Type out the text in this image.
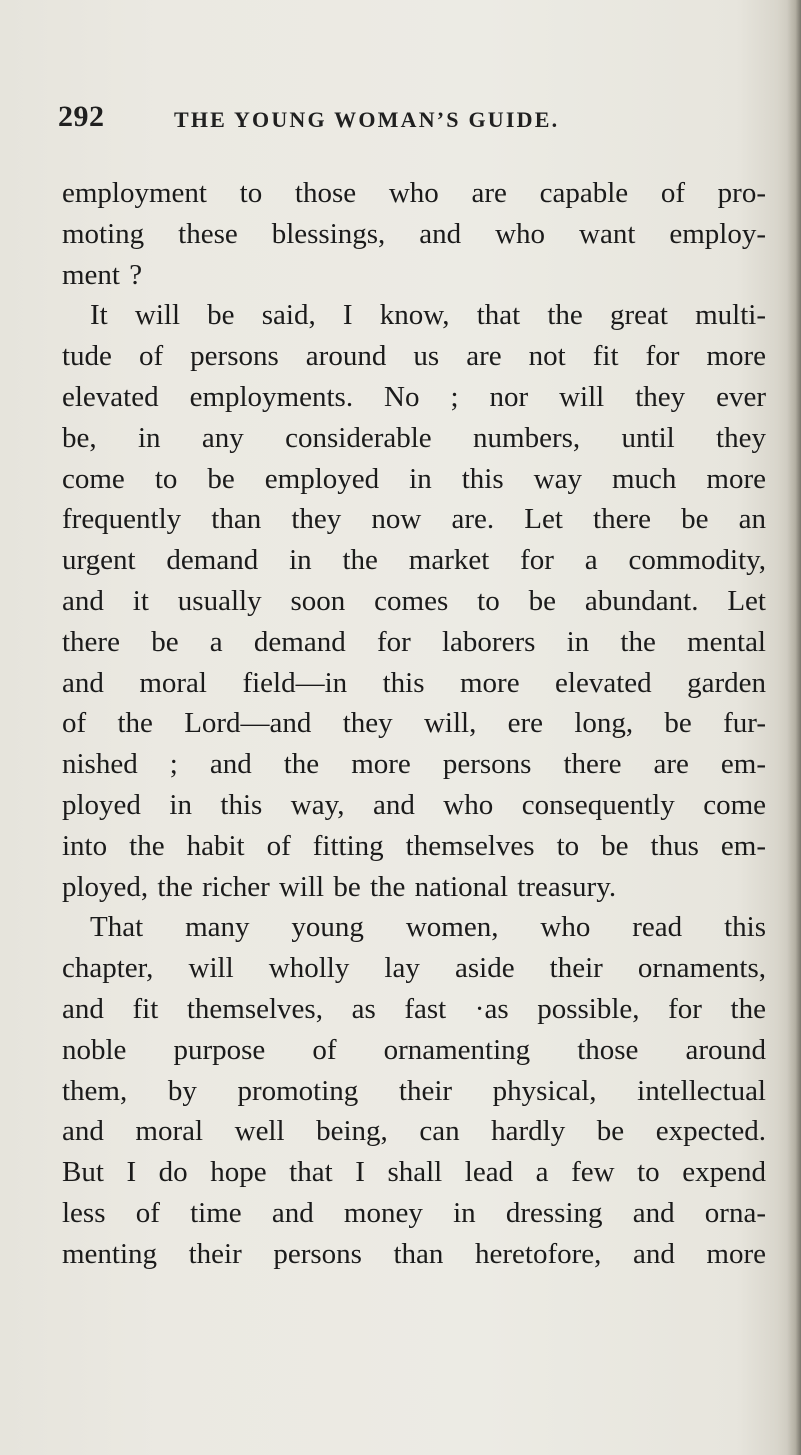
292	THE YOUNG WOMAN’S GUIDE.
employment to those who are capable of pro-
moting these blessings, and who want employ-
ment ?
It will be said, I know, that the great multi-
tude of persons around us are not fit for more
elevated employments. No ; nor will they ever
be, in any considerable numbers, until they
come to be employed in this way much more
frequently than they now are. Let there be an
urgent demand in the market for a commodity,
and it usually soon comes to be abundant. Let
there be a demand for laborers in the mental
and moral field—in this more elevated garden
of the Lord—and they will, ere long, be fur-
nished ; and the more persons there are em-
ployed in this way, and who consequently come
into the habit of fitting themselves to be thus em-
ployed, the richer will be the national treasury.
That many young women, who read this
chapter, will wholly lay aside their ornaments,
and fit themselves, as fast ·as possible, for the
noble purpose of ornamenting those around
them, by promoting their physical, intellectual
and moral well being, can hardly be expected.
But I do hope that I shall lead a few to expend
less of time and money in dressing and orna-
menting their persons than heretofore, and more
